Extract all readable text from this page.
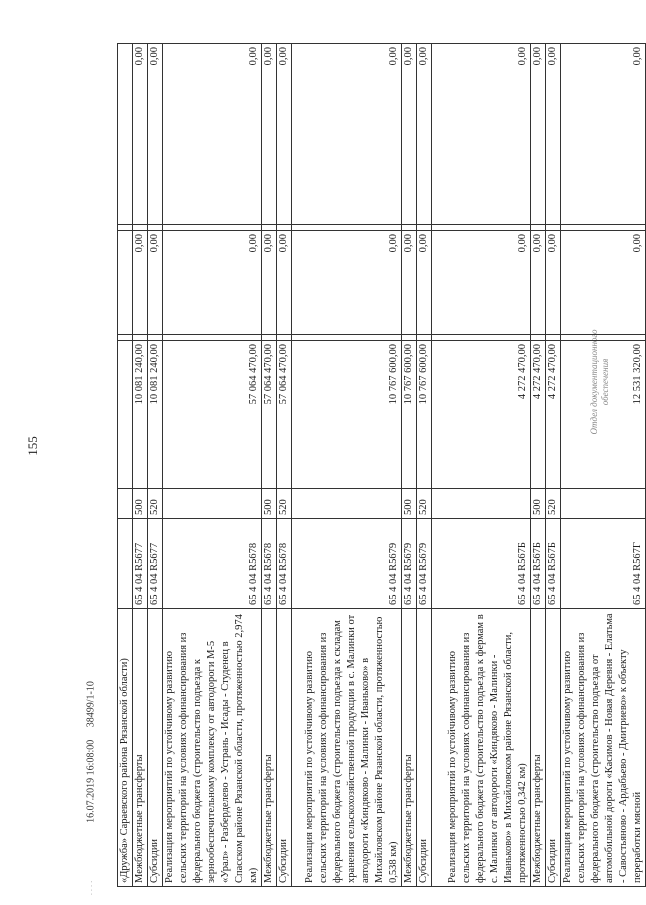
155
16.07.2019 16:08:00     38499/1-10
Отдел документационного обеспечения
· · · ·
«Дружба» Сараевского района Рязанской области)							
Межбюджетные трансферты	65 4 04 R5677	500	10 081 240,00		0,00		0,00
Субсидии	65 4 04 R5677	520	10 081 240,00		0,00		0,00
Реализация мероприятий по устойчивому развитию сельских территорий на условиях софинансирования из федерального бюджета (строительство подъезда к зернообеспечительному комплексу от автодороги М-5 «Урал» - Разберделево - Устрань - Исады - Студенец в Спасском районе Рязанской области, протяженностью 2,974 км)	65 4 04 R5678		57 064 470,00		0,00		0,00
Межбюджетные трансферты	65 4 04 R5678	500	57 064 470,00		0,00		0,00
Субсидии	65 4 04 R5678	520	57 064 470,00		0,00		0,00
Реализация мероприятий по устойчивому развитию сельских территорий на условиях софинансирования из федерального бюджета (строительство подъезда к складам хранения сельскохозяйственной продукции в с. Малинки от автодороги «Киндяково - Малинки - Иваньково» в Михайловском районе Рязанской области, протяженностью 0,538 км)	65 4 04 R5679		10 767 600,00		0,00		0,00
Межбюджетные трансферты	65 4 04 R5679	500	10 767 600,00		0,00		0,00
Субсидии	65 4 04 R5679	520	10 767 600,00		0,00		0,00
Реализация мероприятий по устойчивому развитию сельских территорий на условиях софинансирования из федерального бюджета (строительство подъезда к фермам в с. Малинки от автодороги «Киндяково - Малинки - Иваньково» в Михайловском районе Рязанской области, протяженностью 0,342 км)	65 4 04 R567Б		4 272 470,00		0,00		0,00
Межбюджетные трансферты	65 4 04 R567Б	500	4 272 470,00		0,00		0,00
Субсидии	65 4 04 R567Б	520	4 272 470,00		0,00		0,00
Реализация мероприятий по устойчивому развитию сельских территорий на условиях софинансирования из федерального бюджета (строительство подъезда от автомобильной дороги «Касимов - Новая Деревня - Елатьма - Савостьяново - Ардабьево - Дмитриево» к объекту переработки мясной	65 4 04 R567Г		12 531 320,00		0,00		0,00
